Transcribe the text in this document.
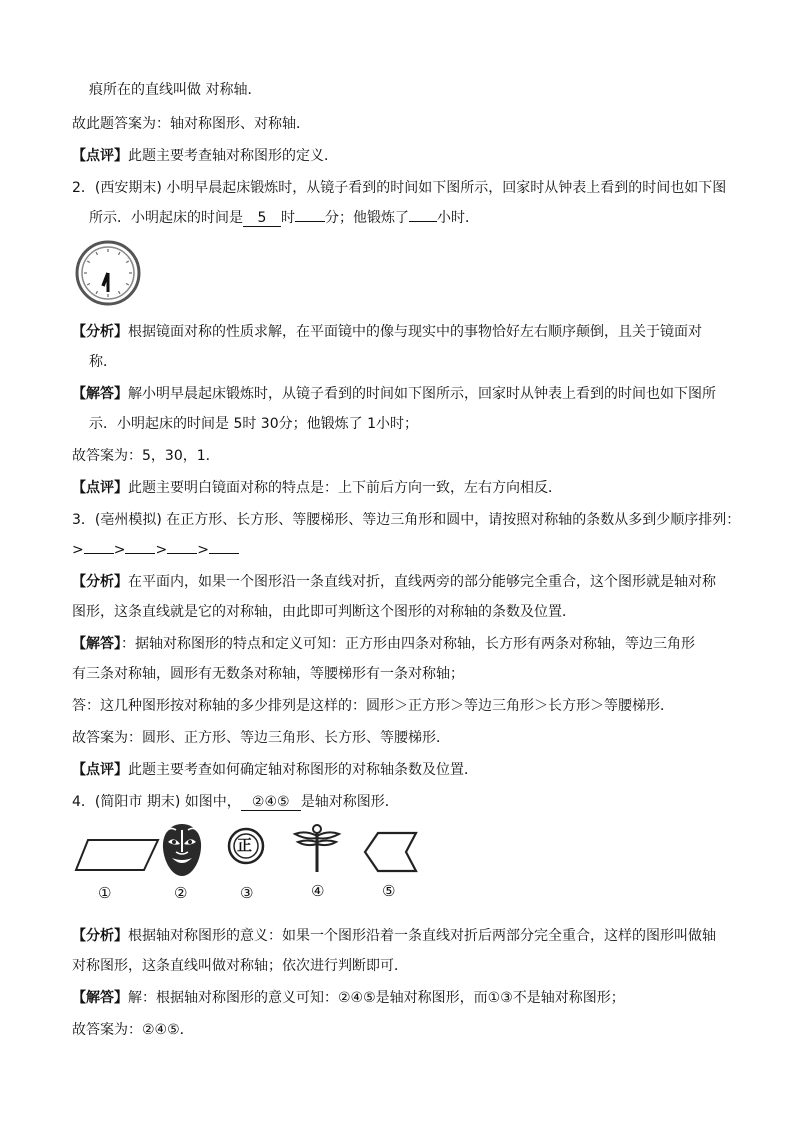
痕所在的直线叫做 对称轴．
故此题答案为：轴对称图形、对称轴．
【点评】此题主要考查轴对称图形的定义．
2．(西安期末) 小明早晨起床锻炼时，从镜子看到的时间如下图所示，回家时从钟表上看到的时间也如下图
所示．小明起床的时间是 5 时 分；他锻炼了 小时．
【分析】根据镜面对称的性质求解，在平面镜中的像与现实中的事物恰好左右顺序颠倒，且关于镜面对
称．
【解答】解小明早晨起床锻炼时，从镜子看到的时间如下图所示，回家时从钟表上看到的时间也如下图所
示．小明起床的时间是 5时 30分；他锻炼了 1小时；
故答案为：5，30，1．
【点评】此题主要明白镜面对称的特点是：上下前后方向一致，左右方向相反．
3．(亳州模拟) 在正方形、长方形、等腰梯形、等边三角形和圆中，请按照对称轴的条数从多到少顺序排列：
> > > >
【分析】在平面内，如果一个图形沿一条直线对折，直线两旁的部分能够完全重合，这个图形就是轴对称
图形，这条直线就是它的对称轴，由此即可判断这个图形的对称轴的条数及位置．
【解答】：据轴对称图形的特点和定义可知：正方形由四条对称轴，长方形有两条对称轴，等边三角形
有三条对称轴，圆形有无数条对称轴，等腰梯形有一条对称轴；
答：这几种图形按对称轴的多少排列是这样的：圆形＞正方形＞等边三角形＞长方形＞等腰梯形．
故答案为：圆形、正方形、等边三角形、长方形、等腰梯形．
【点评】此题主要考查如何确定轴对称图形的对称轴条数及位置．
4．(简阳市 期末) 如图中， ②④⑤ 是轴对称图形．
正
①	②	③	④	⑤
【分析】根据轴对称图形的意义：如果一个图形沿着一条直线对折后两部分完全重合，这样的图形叫做轴
对称图形，这条直线叫做对称轴；依次进行判断即可．
【解答】解：根据轴对称图形的意义可知：②④⑤是轴对称图形，而①③不是轴对称图形；
故答案为：②④⑤．
